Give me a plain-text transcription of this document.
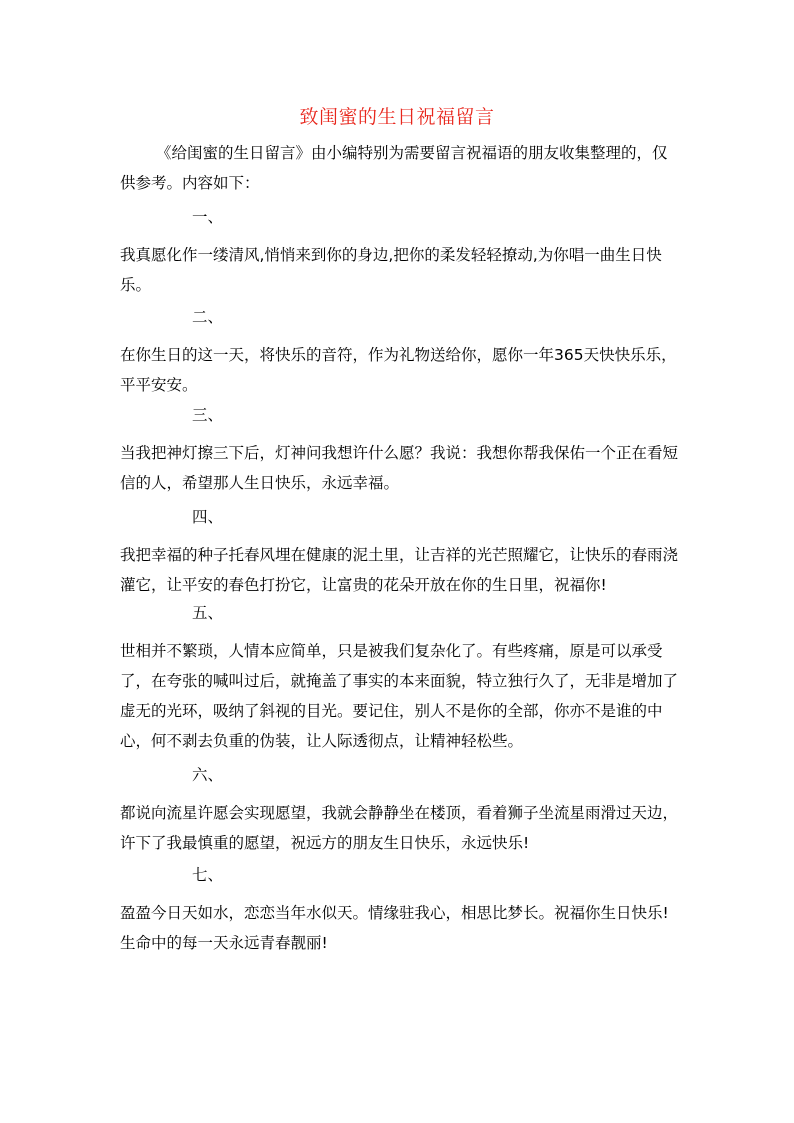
致闺蜜的生日祝福留言
《给闺蜜的生日留言》由小编特别为需要留言祝福语的朋友收集整理的，仅供参考。内容如下：
一、
我真愿化作一缕清风,悄悄来到你的身边,把你的柔发轻轻撩动,为你唱一曲生日快乐。
二、
在你生日的这一天，将快乐的音符，作为礼物送给你，愿你一年365天快快乐乐，平平安安。
三、
当我把神灯擦三下后，灯神问我想许什么愿？我说：我想你帮我保佑一个正在看短信的人，希望那人生日快乐，永远幸福。
四、
我把幸福的种子托春风埋在健康的泥土里，让吉祥的光芒照耀它，让快乐的春雨浇灌它，让平安的春色打扮它，让富贵的花朵开放在你的生日里，祝福你!
五、
世相并不繁琐，人情本应简单，只是被我们复杂化了。有些疼痛，原是可以承受了，在夸张的喊叫过后，就掩盖了事实的本来面貌，特立独行久了，无非是增加了虚无的光环，吸纳了斜视的目光。要记住，别人不是你的全部，你亦不是谁的中心，何不剥去负重的伪装，让人际透彻点，让精神轻松些。
六、
都说向流星许愿会实现愿望，我就会静静坐在楼顶，看着狮子坐流星雨滑过天边，许下了我最慎重的愿望，祝远方的朋友生日快乐，永远快乐!
七、
盈盈今日天如水，恋恋当年水似天。情缘驻我心，相思比梦长。祝福你生日快乐! 生命中的每一天永远青春靓丽!
